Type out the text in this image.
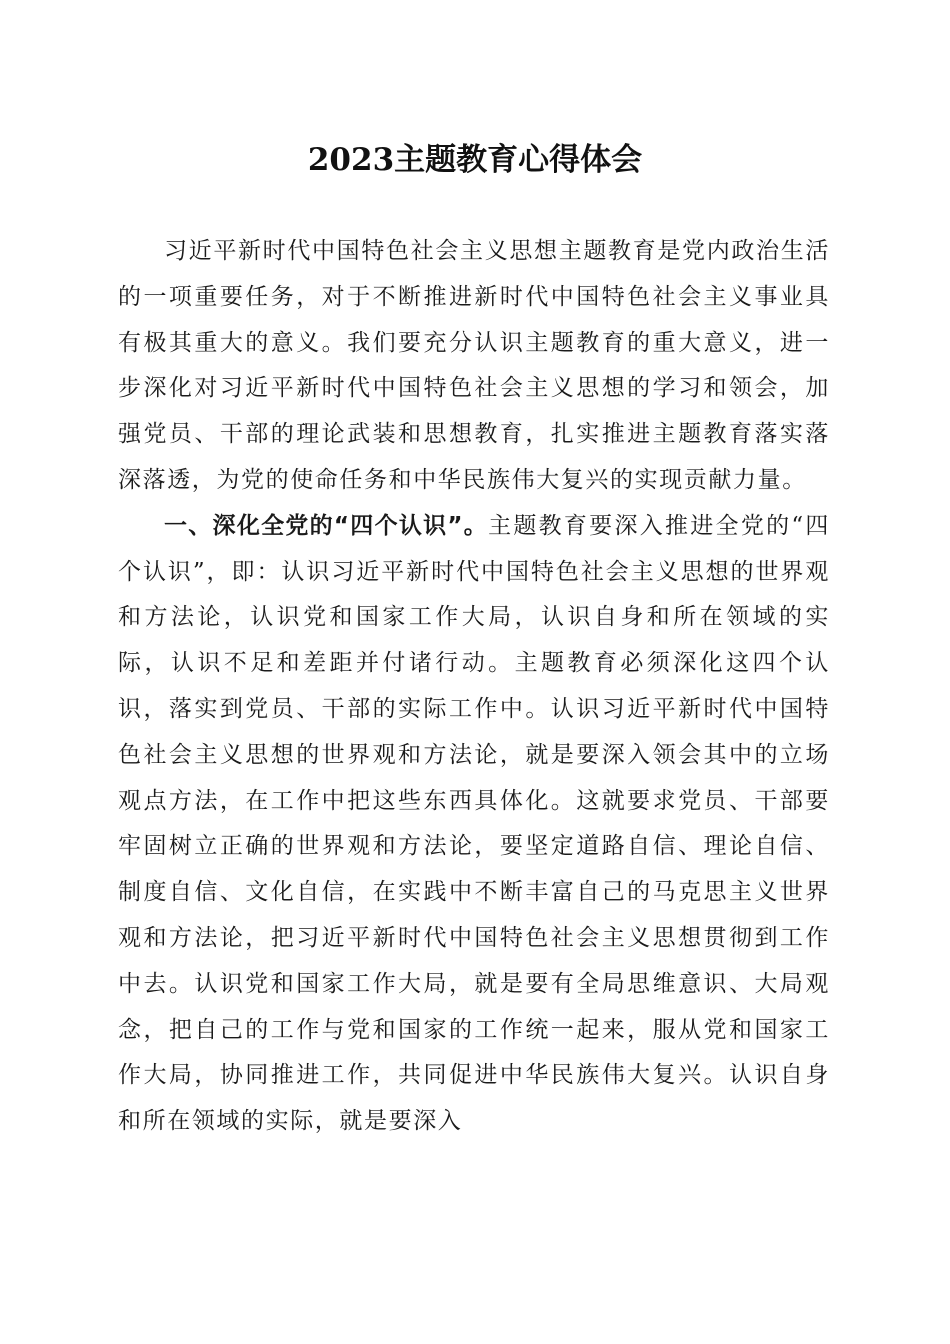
2023主题教育心得体会

习近平新时代中国特色社会主义思想主题教育是党内政治生活的一项重要任务，对于不断推进新时代中国特色社会主义事业具有极其重大的意义。我们要充分认识主题教育的重大意义，进一步深化对习近平新时代中国特色社会主义思想的学习和领会，加强党员、干部的理论武装和思想教育，扎实推进主题教育落实落深落透，为党的使命任务和中华民族伟大复兴的实现贡献力量。

一、深化全党的“四个认识”。主题教育要深入推进全党的“四个认识”，即：认识习近平新时代中国特色社会主义思想的世界观和方法论，认识党和国家工作大局，认识自身和所在领域的实际，认识不足和差距并付诸行动。主题教育必须深化这四个认识，落实到党员、干部的实际工作中。认识习近平新时代中国特色社会主义思想的世界观和方法论，就是要深入领会其中的立场观点方法，在工作中把这些东西具体化。这就要求党员、干部要牢固树立正确的世界观和方法论，要坚定道路自信、理论自信、制度自信、文化自信，在实践中不断丰富自己的马克思主义世界观和方法论，把习近平新时代中国特色社会主义思想贯彻到工作中去。认识党和国家工作大局，就是要有全局思维意识、大局观念，把自己的工作与党和国家的工作统一起来，服从党和国家工作大局，协同推进工作，共同促进中华民族伟大复兴。认识自身和所在领域的实际，就是要深入
